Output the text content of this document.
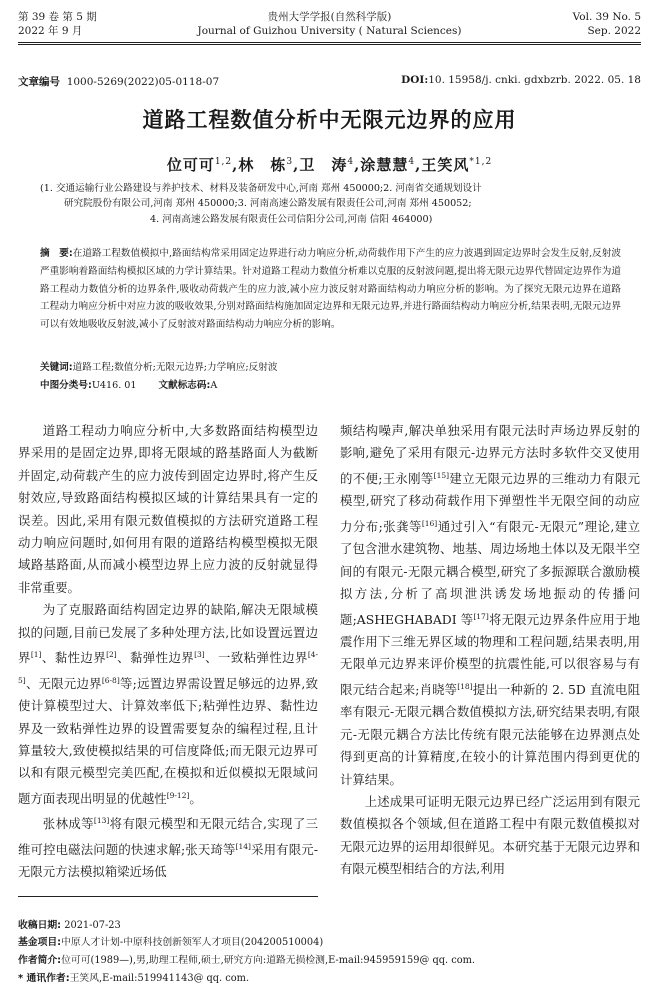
第 39 卷 第 5 期
2022 年 9 月
贵州大学学报(自然科学版)
Journal of Guizhou University ( Natural Sciences)
Vol. 39 No. 5
Sep. 2022
文章编号 1000-5269(2022)05-0118-07	DOI:10. 15958/j. cnki. gdxbzrb. 2022. 05. 18
道路工程数值分析中无限元边界的应用
位可可$^{1,2}$,林　栋$^3$,卫　涛$^4$,涂慧慧$^4$,王笑风$^{*1,2}$
(1. 交通运输行业公路建设与养护技术、材料及装备研发中心,河南 郑州 450000;2. 河南省交通规划设计
研究院股份有限公司,河南 郑州 450000;3. 河南高速公路发展有限责任公司,河南 郑州 450052;
4. 河南高速公路发展有限责任公司信阳分公司,河南 信阳 464000)
摘　要:在道路工程数值模拟中,路面结构常采用固定边界进行动力响应分析,动荷载作用下产生的应力波遇到固定边界时会发生反射,反射波严重影响着路面结构模拟区域的力学计算结果。针对道路工程动力数值分析难以克服的反射波问题,提出将无限元边界代替固定边界作为道路工程动力数值分析的边界条件,吸收动荷载产生的应力波,减小应力波反射对路面结构动力响应分析的影响。为了探究无限元边界在道路工程动力响应分析中对应力波的吸收效果,分别对路面结构施加固定边界和无限元边界,并进行路面结构动力响应分析,结果表明,无限元边界可以有效地吸收反射波,减小了反射波对路面结构动力响应分析的影响。
关键词:道路工程;数值分析;无限元边界;力学响应;反射波
中图分类号:U416. 01 文献标志码:A

道路工程动力响应分析中,大多数路面结构模型边界采用的是固定边界,即将无限域的路基路面人为截断并固定,动荷载产生的应力波传到固定边界时,将产生反射效应,导致路面结构模拟区域的计算结果具有一定的误差。因此,采用有限元数值模拟的方法研究道路工程动力响应问题时,如何用有限的道路结构模型模拟无限域路基路面,从而减小模型边界上应力波的反射就显得非常重要。

为了克服路面结构固定边界的缺陷,解决无限域模拟的问题,目前已发展了多种处理方法,比如设置远置边界[1]、黏性边界[2]、黏弹性边界[3]、一致粘弹性边界[4-5]、无限元边界[6-8]等;远置边界需设置足够远的边界,致使计算模型过大、计算效率低下;粘弹性边界、黏性边界及一致粘弹性边界的设置需要复杂的编程过程,且计算量较大,致使模拟结果的可信度降低;而无限元边界可以和有限元模型完美匹配,在模拟和近似模拟无限域问题方面表现出明显的优越性[9-12]。

张林成等[13]将有限元模型和无限元结合,实现了三维可控电磁法问题的快速求解;张天琦等[14]采用有限元-无限元方法模拟箱梁近场低

频结构噪声,解决单独采用有限元法时声场边界反射的影响,避免了采用有限元-边界元方法时多软件交叉使用的不便;王永刚等[15]建立无限元边界的三维动力有限元模型,研究了移动荷载作用下弹塑性半无限空间的动应力分布;张龚等[16]通过引入“有限元-无限元”理论,建立了包含泄水建筑物、地基、周边场地土体以及无限半空间的有限元-无限元耦合模型,研究了多振源联合激励模拟方法,分析了高坝泄洪诱发场地振动的传播问题;ASHEGHABADI 等[17]将无限元边界条件应用于地震作用下三维无界区域的物理和工程问题,结果表明,用无限单元边界来评价模型的抗震性能,可以很容易与有限元结合起来;肖晓等[18]提出一种新的 2. 5D 直流电阻率有限元-无限元耦合数值模拟方法,研究结果表明,有限元-无限元耦合方法比传统有限元法能够在边界测点处得到更高的计算精度,在较小的计算范围内得到更优的计算结果。

上述成果可证明无限元边界已经广泛运用到有限元数值模拟各个领域,但在道路工程中有限元数值模拟对无限元边界的运用却很鲜见。本研究基于无限元边界和有限元模型相结合的方法,利用

收稿日期: 2021-07-23
基金项目:中原人才计划-中原科技创新领军人才项目(204200510004)
作者简介:位可可(1989—),男,助理工程师,硕士,研究方向:道路无损检测,E-mail:945959159@ qq. com.
* 通讯作者:王笑风,E-mail:519941143@ qq. com.
